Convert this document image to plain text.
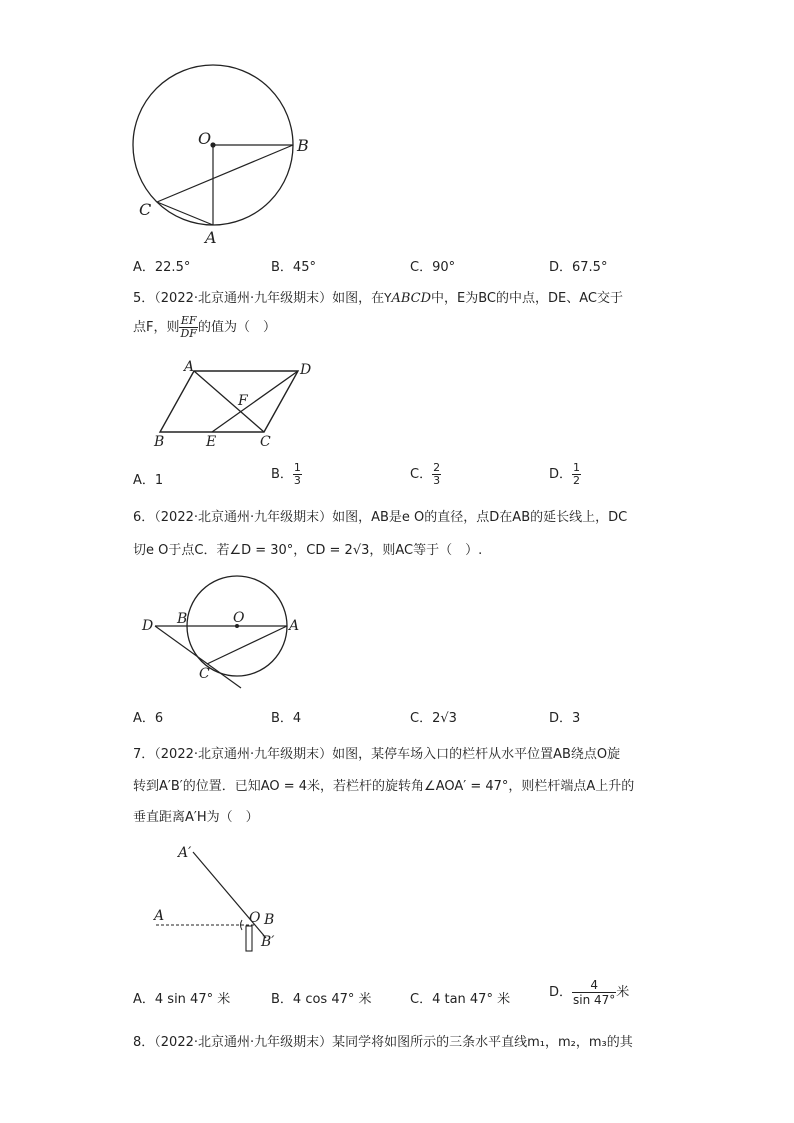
O	B
C
A
A．22.5°	B．45°	C．90°	D．67.5°
5．（2022·北京通州·九年级期末）如图，在YABCD中，E为BC的中点，DE、AC交于
点F，则 $\frac{EF}{DF}$ 的值为（　）
A	D
F
B	E	C
A．1	B． $\frac{1}{3}$	C． $\frac{2}{3}$	D． $\frac{1}{2}$
6．（2022·北京通州·九年级期末）如图，AB是e O的直径，点D在AB的延长线上，DC
切e O于点C．若∠D = 30°，CD = 2√3，则AC等于（　）.
D B	O	A
C
A．6	B．4	C．2√3	D．3
7．（2022·北京通州·九年级期末）如图，某停车场入口的栏杆从水平位置AB绕点O旋
转到A′B′的位置．已知AO = 4米，若栏杆的旋转角∠AOA′ = 47°，则栏杆端点A上升的
垂直距离A′H为（　）
A′
A	O B
B′
A．4 sin 47° 米	B．4 cos 47° 米	C．4 tan 47° 米	D． $\frac{4}{\sin 47^\circ}$ 米
8．（2022·北京通州·九年级期末）某同学将如图所示的三条水平直线m₁，m₂，m₃的其
